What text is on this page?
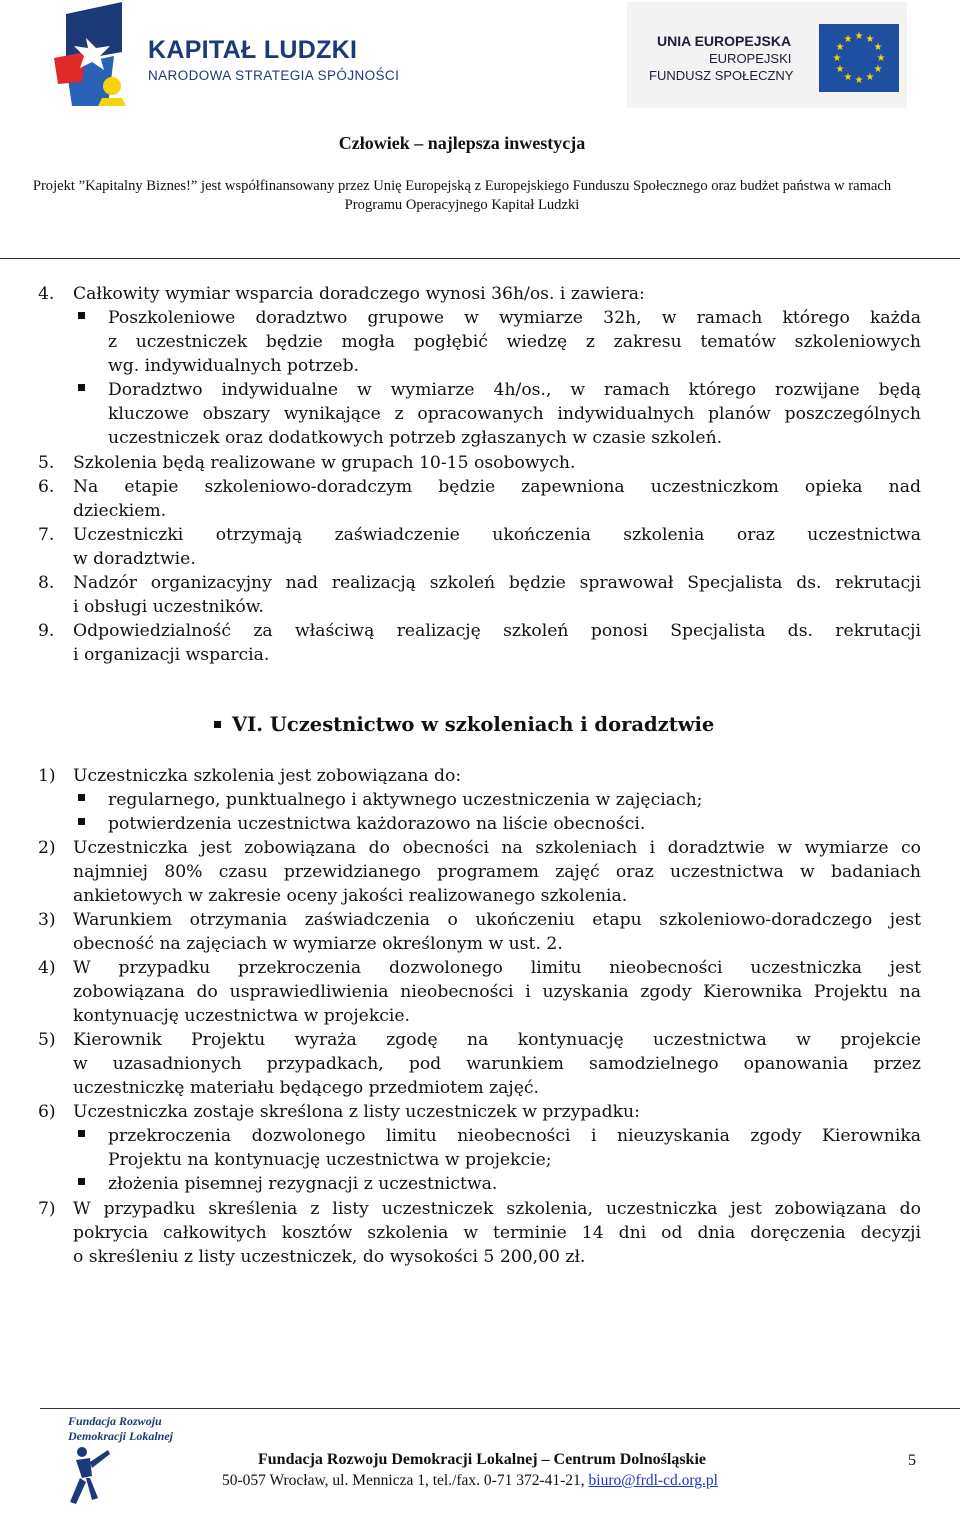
KAPITAŁ LUDZKI
NARODOWA STRATEGIA SPÓJNOŚCI
UNIA EUROPEJSKA
EUROPEJSKI
FUNDUSZ SPOŁECZNY
★ ★
★
★
★
★
★
★
★
★
★
★
Człowiek – najlepsza inwestycja
Projekt ”Kapitalny Biznes!” jest współfinansowany przez Unię Europejską z Europejskiego Funduszu Społecznego oraz budżet państwa w ramach
Programu Operacyjnego Kapitał Ludzki
4. Całkowity wymiar wsparcia doradczego wynosi 36h/os. i zawiera:
Poszkoleniowe doradztwo grupowe w wymiarze 32h, w ramach którego każda
z uczestniczek będzie mogła pogłębić wiedzę z zakresu tematów szkoleniowych
wg. indywidualnych potrzeb.
Doradztwo indywidualne w wymiarze 4h/os., w ramach którego rozwijane będą
kluczowe obszary wynikające z opracowanych indywidualnych planów poszczególnych
uczestniczek oraz dodatkowych potrzeb zgłaszanych w czasie szkoleń.
5. Szkolenia będą realizowane w grupach 10-15 osobowych.
6. Na etapie szkoleniowo-doradczym będzie zapewniona uczestniczkom opieka nad
dzieckiem.
7. Uczestniczki otrzymają zaświadczenie ukończenia szkolenia oraz uczestnictwa
w doradztwie.
8. Nadzór organizacyjny nad realizacją szkoleń będzie sprawował Specjalista ds. rekrutacji
i obsługi uczestników.
9. Odpowiedzialność za właściwą realizację szkoleń ponosi Specjalista ds. rekrutacji
i organizacji wsparcia.
VI. Uczestnictwo w szkoleniach i doradztwie
1) Uczestniczka szkolenia jest zobowiązana do:
regularnego, punktualnego i aktywnego uczestniczenia w zajęciach;
potwierdzenia uczestnictwa każdorazowo na liście obecności.
2) Uczestniczka jest zobowiązana do obecności na szkoleniach i doradztwie w wymiarze co
najmniej 80% czasu przewidzianego programem zajęć oraz uczestnictwa w badaniach
ankietowych w zakresie oceny jakości realizowanego szkolenia.
3) Warunkiem otrzymania zaświadczenia o ukończeniu etapu szkoleniowo-doradczego jest
obecność na zajęciach w wymiarze określonym w ust. 2.
4) W przypadku przekroczenia dozwolonego limitu nieobecności uczestniczka jest
zobowiązana do usprawiedliwienia nieobecności i uzyskania zgody Kierownika Projektu na
kontynuację uczestnictwa w projekcie.
5) Kierownik Projektu wyraża zgodę na kontynuację uczestnictwa w projekcie
w uzasadnionych przypadkach, pod warunkiem samodzielnego opanowania przez
uczestniczkę materiału będącego przedmiotem zajęć.
6) Uczestniczka zostaje skreślona z listy uczestniczek w przypadku:
przekroczenia dozwolonego limitu nieobecności i nieuzyskania zgody Kierownika
Projektu na kontynuację uczestnictwa w projekcie;
złożenia pisemnej rezygnacji z uczestnictwa.
7) W przypadku skreślenia z listy uczestniczek szkolenia, uczestniczka jest zobowiązana do
pokrycia całkowitych kosztów szkolenia w terminie 14 dni od dnia doręczenia decyzji
o skreśleniu z listy uczestniczek, do wysokości 5 200,00 zł.
Fundacja Rozwoju
Demokracji Lokalnej
Fundacja Rozwoju Demokracji Lokalnej – Centrum Dolnośląskie
50-057 Wrocław, ul. Mennicza 1, tel./fax. 0-71 372-41-21, biuro@frdl-cd.org.pl
5
